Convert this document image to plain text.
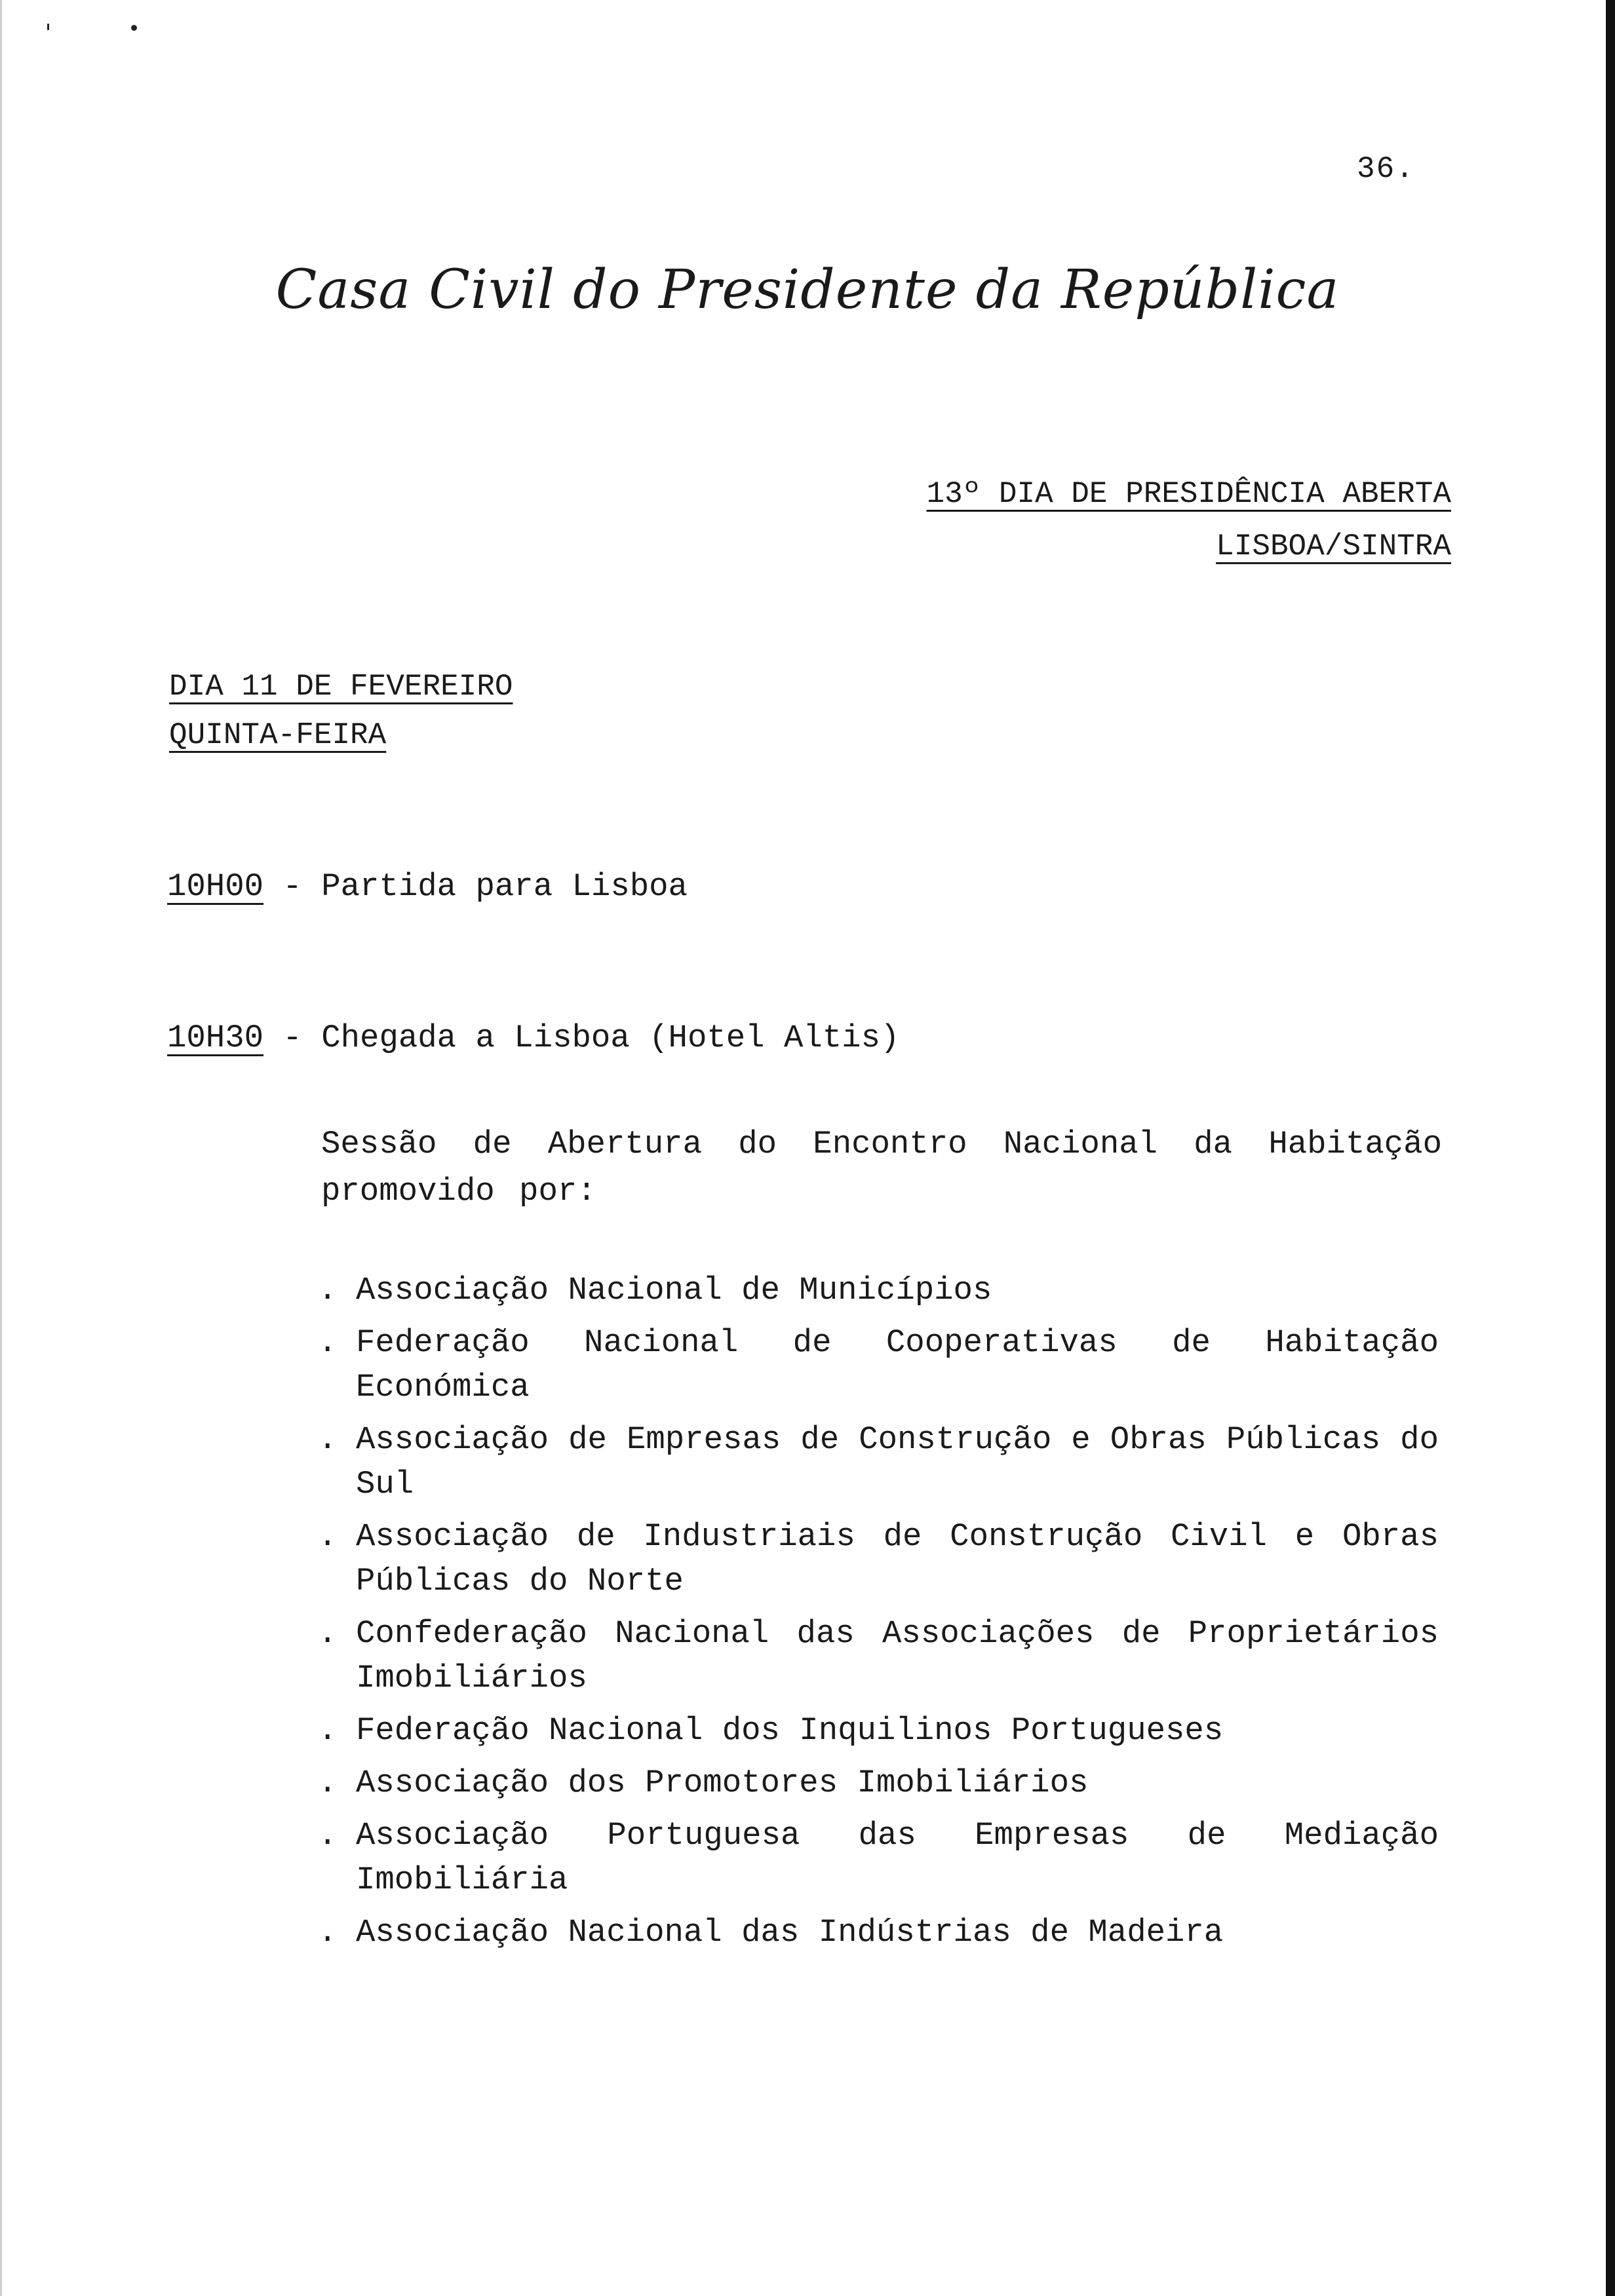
36.
Casa Civil do Presidente da República
13º DIA DE PRESIDÊNCIA ABERTA
LISBOA/SINTRA
DIA 11 DE FEVEREIRO
QUINTA-FEIRA
10H00 - Partida para Lisboa
10H30 - Chegada a Lisboa (Hotel Altis)
Sessão de Abertura do Encontro Nacional da Habitação
promovido por:
. Associação Nacional de Municípios
. Federação Nacional de Cooperativas de Habitação Económica
. Associação de Empresas de Construção e Obras Públicas do Sul
. Associação de Industriais de Construção Civil e Obras Públicas do Norte
. Confederação Nacional das Associações de Proprietários Imobiliários
. Federação Nacional dos Inquilinos Portugueses
. Associação dos Promotores Imobiliários
. Associação Portuguesa das Empresas de Mediação Imobiliária
. Associação Nacional das Indústrias de Madeira
